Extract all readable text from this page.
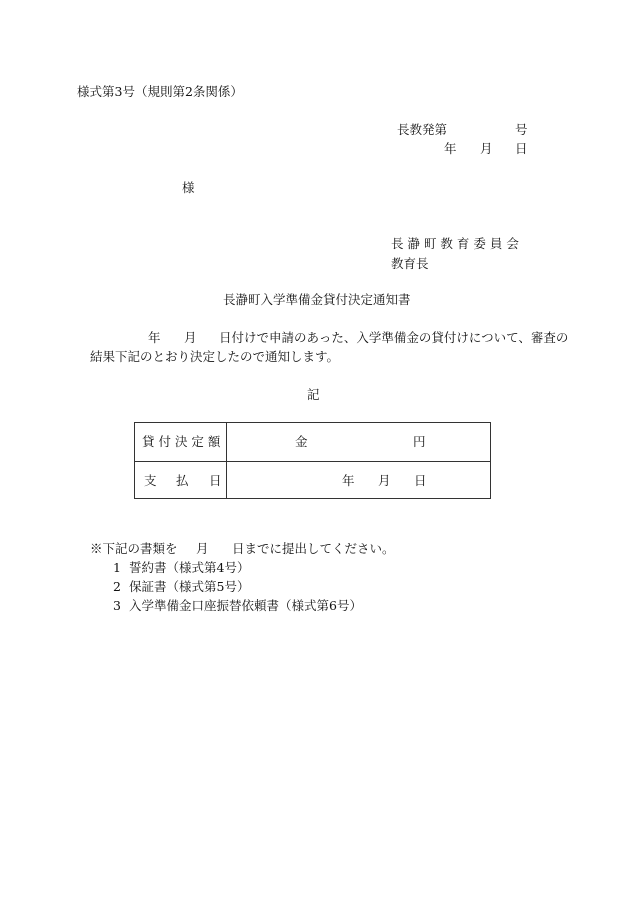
様式第3号（規則第2条関係）
長教発第	号
年 月 日
様
長 瀞 町 教 育 委 員 会
教育長
長瀞町入学準備金貸付決定通知書
年 月 日付けで申請のあった、入学準備金の貸付けについて、審査の
結果下記のとおり決定したので通知します。
記
貸 付 決 定 額	金	円
支 払 日	年 月 日
※下記の書類を 月 日までに提出してください。
1 誓約書（様式第4号）
2 保証書（様式第5号）
3 入学準備金口座振替依頼書（様式第6号）
